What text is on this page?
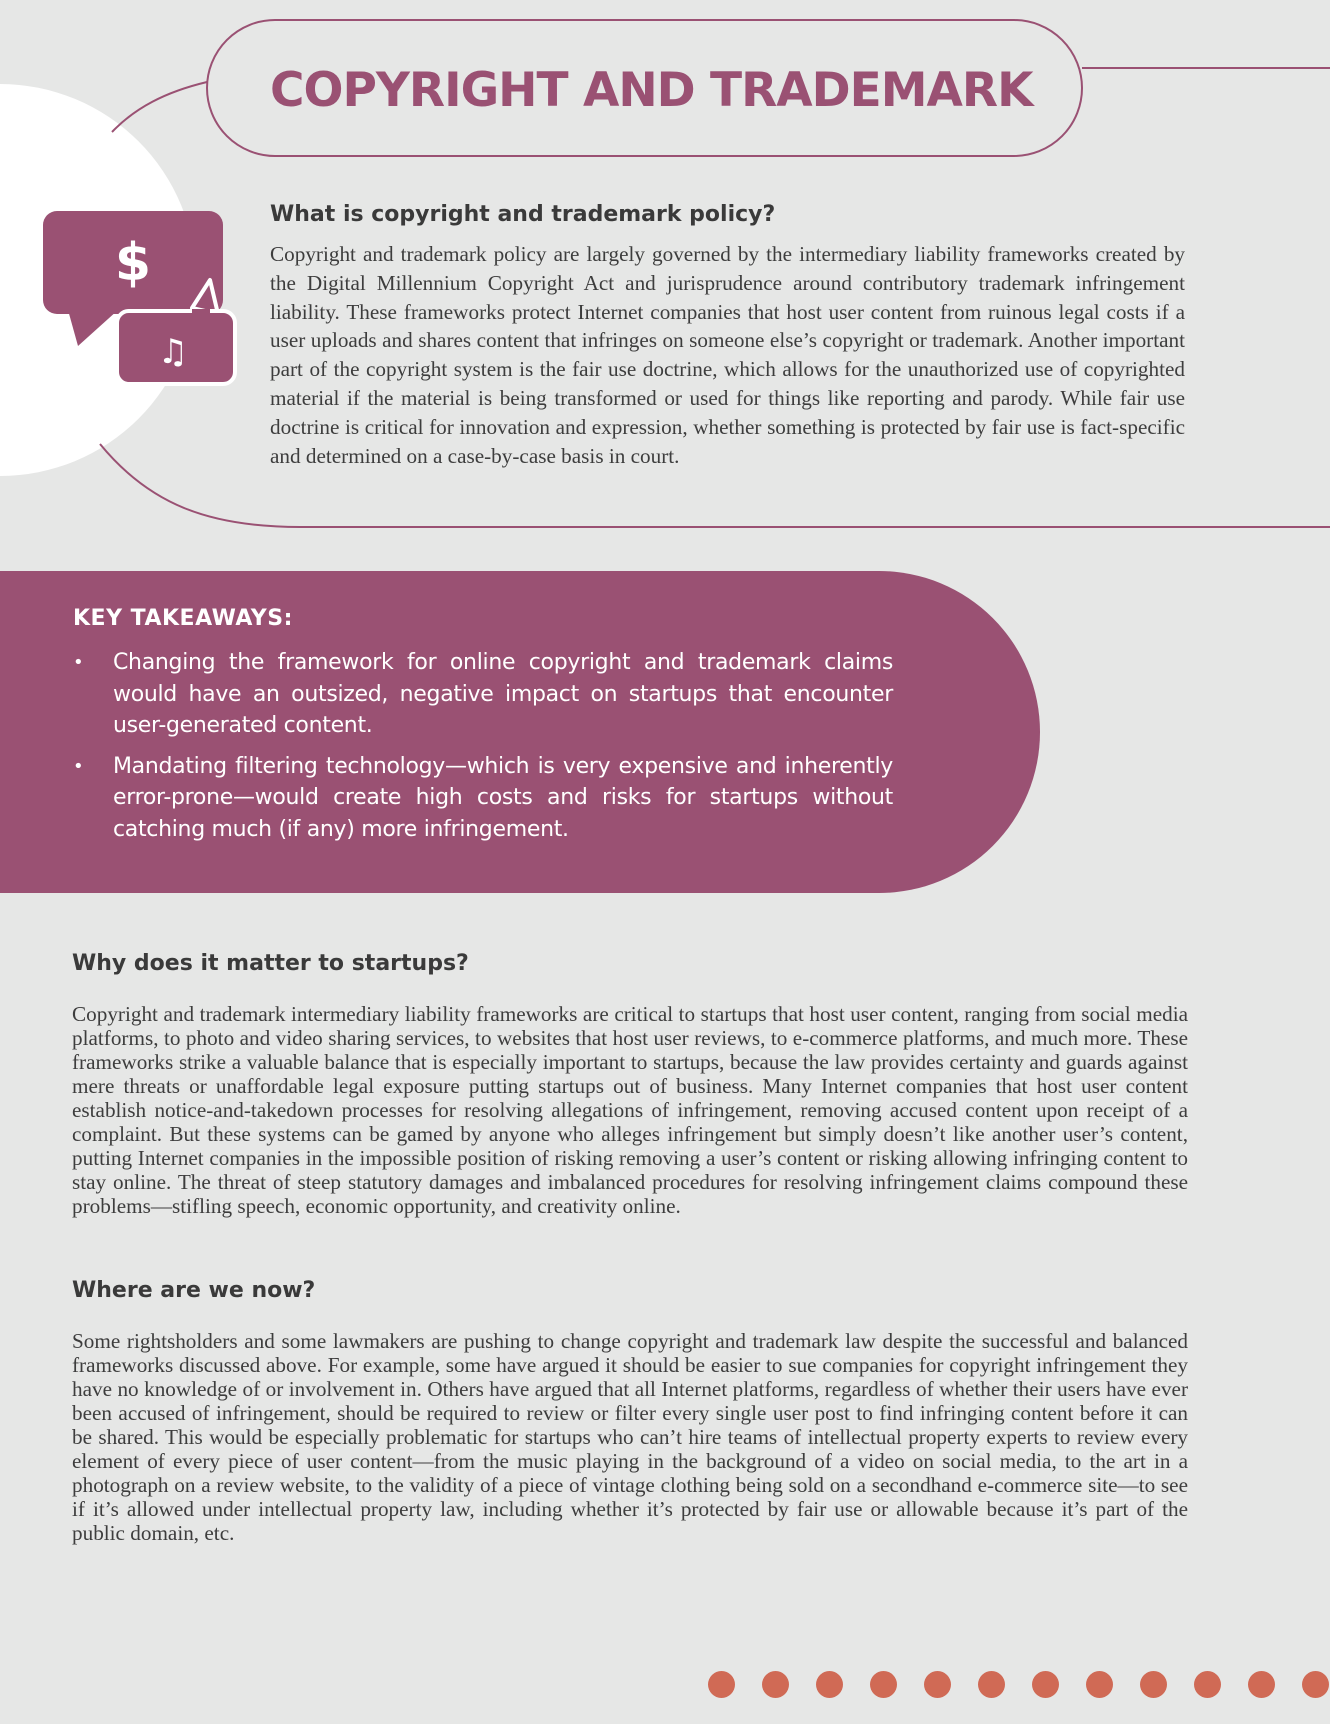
COPYRIGHT AND TRADEMARK
$
♫
What is copyright and trademark policy?

Copyright and trademark policy are largely governed by the intermediary liability frameworks created by the Digital Millennium Copyright Act and jurisprudence around contributory trademark infringement liability. These frameworks protect Internet companies that host user content from ruinous legal costs if a user uploads and shares content that infringes on someone else’s copyright or trademark. Another important part of the copyright system is the fair use doctrine, which allows for the unauthorized use of copyrighted material if the material is being transformed or used for things like reporting and parody. While fair use doctrine is critical for innovation and expression, whether something is protected by fair use is fact-specific and determined on a case-by-case basis in court.

KEY TAKEAWAYS:
• Changing the framework for online copyright and trademark claims would have an outsized, negative impact on startups that encounter user-generated content.
• Mandating filtering technology—which is very expensive and inherently error-prone—would create high costs and risks for startups without catching much (if any) more infringement.
Why does it matter to startups?

Copyright and trademark intermediary liability frameworks are critical to startups that host user content, ranging from social media platforms, to photo and video sharing services, to websites that host user reviews, to e-commerce platforms, and much more. These frameworks strike a valuable balance that is especially important to startups, because the law provides certainty and guards against mere threats or unaffordable legal exposure putting startups out of business. Many Internet companies that host user content establish notice-and-takedown processes for resolving allegations of infringement, removing accused content upon receipt of a complaint. But these systems can be gamed by anyone who alleges infringement but simply doesn’t like another user’s content, putting Internet companies in the impossible position of risking removing a user’s content or risking allowing infringing content to stay online. The threat of steep statutory damages and imbalanced procedures for resolving infringement claims compound these problems—stifling speech, economic opportunity, and creativity online.

Where are we now?

Some rightsholders and some lawmakers are pushing to change copyright and trademark law despite the successful and balanced frameworks discussed above. For example, some have argued it should be easier to sue companies for copyright infringement they have no knowledge of or involvement in. Others have argued that all Internet platforms, regardless of whether their users have ever been accused of infringement, should be required to review or filter every single user post to find infringing content before it can be shared. This would be especially problematic for startups who can’t hire teams of intellectual property experts to review every element of every piece of user content—from the music playing in the background of a video on social media, to the art in a photograph on a review website, to the validity of a piece of vintage clothing being sold on a secondhand e-commerce site—to see if it’s allowed under intellectual property law, including whether it’s protected by fair use or allowable because it’s part of the public domain, etc.
